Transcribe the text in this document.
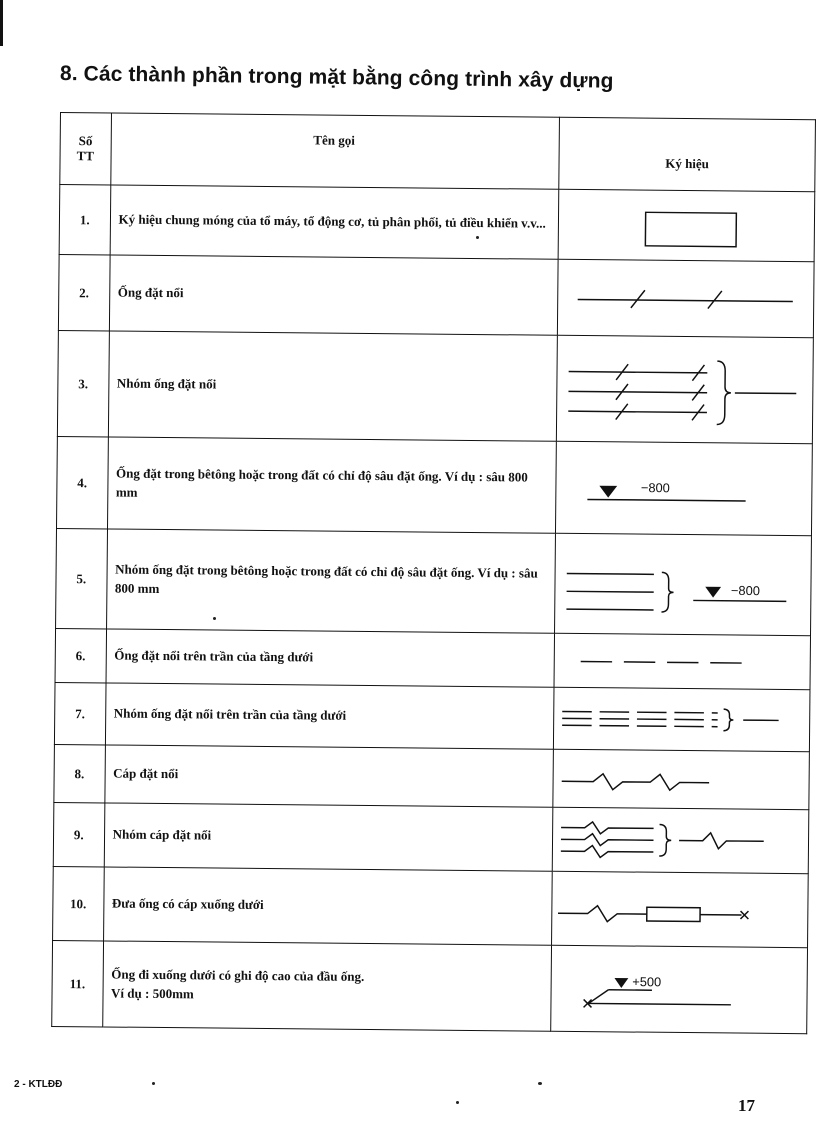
8. Các thành phần trong mặt bằng công trình xây dựng
Số
TT	Tên gọi	Ký hiệu
1.	Ký hiệu chung móng của tổ máy, tổ động cơ, tủ phân phối, tủ điều khiển v.v...	

2.	Ống đặt nổi	

3.	Nhóm ống đặt nổi	

4.	Ống đặt trong bêtông hoặc trong đất có chỉ độ sâu đặt ống. Ví dụ : sâu 800 mm	−800

5.	Nhóm ống đặt trong bêtông hoặc trong đất có chỉ độ sâu đặt ống. Ví dụ : sâu 800 mm	−800

6.	Ống đặt nổi trên trần của tầng dưới	

7.	Nhóm ống đặt nổi trên trần của tầng dưới	

8.	Cáp đặt nổi	

9.	Nhóm cáp đặt nổi	

10.	Đưa ống có cáp xuống dưới	

11.	Ống đi xuống dưới có ghi độ cao của đầu ống.
Ví dụ : 500mm	+500
2 - KTLĐĐ
17
